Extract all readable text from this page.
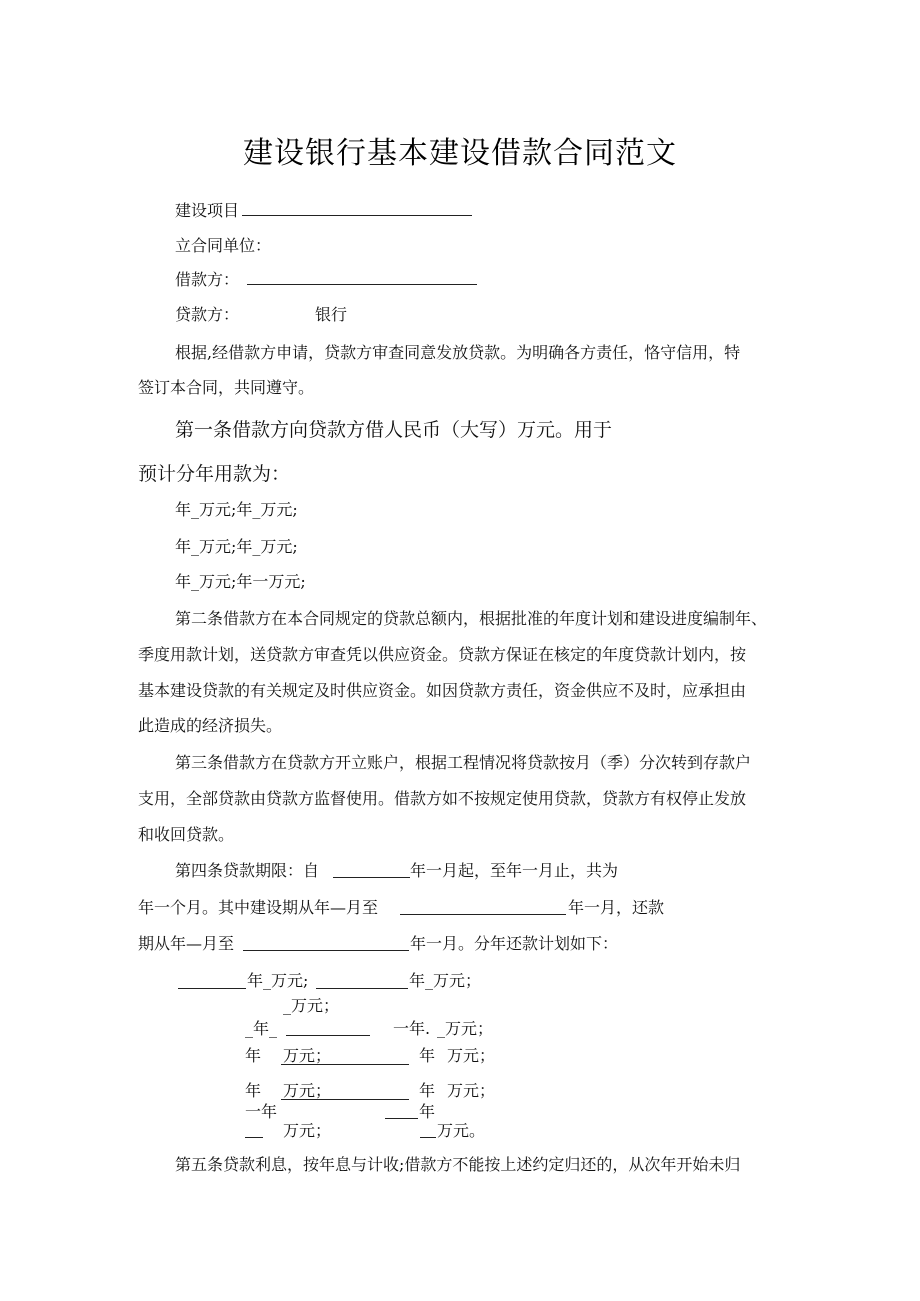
建设银行基本建设借款合同范文
建设项目
立合同单位：
借款方：
贷款方：	银行
根据,经借款方申请，贷款方审查同意发放贷款。为明确各方责任，恪守信用，特
签订本合同，共同遵守。
第一条借款方向贷款方借人民币（大写）万元。用于
预计分年用款为：
年_万元;年_万元;
年_万元;年_万元;
年_万元;年一万元;
第二条借款方在本合同规定的贷款总额内，根据批准的年度计划和建设进度编制年、
季度用款计划，送贷款方审查凭以供应资金。贷款方保证在核定的年度贷款计划内，按
基本建设贷款的有关规定及时供应资金。如因贷款方责任，资金供应不及时，应承担由
此造成的经济损失。
第三条借款方在贷款方开立账户，根据工程情况将贷款按月（季）分次转到存款户
支用，全部贷款由贷款方监督使用。借款方如不按规定使用贷款，贷款方有权停止发放
和收回贷款。
第四条贷款期限：自	年一月起，至年一月止，共为
年一个月。其中建设期从年—月至	年一月，还款
期从年—月至	年一月。分年还款计划如下：
年_万元;	年_万元；
_万元；
_年_	一年. _万元；
年 万元；	年 万元；
年 万元；	年 万元；
一年	年
万元；	万元。
第五条贷款利息，按年息与计收;借款方不能按上述约定归还的，从次年开始未归
